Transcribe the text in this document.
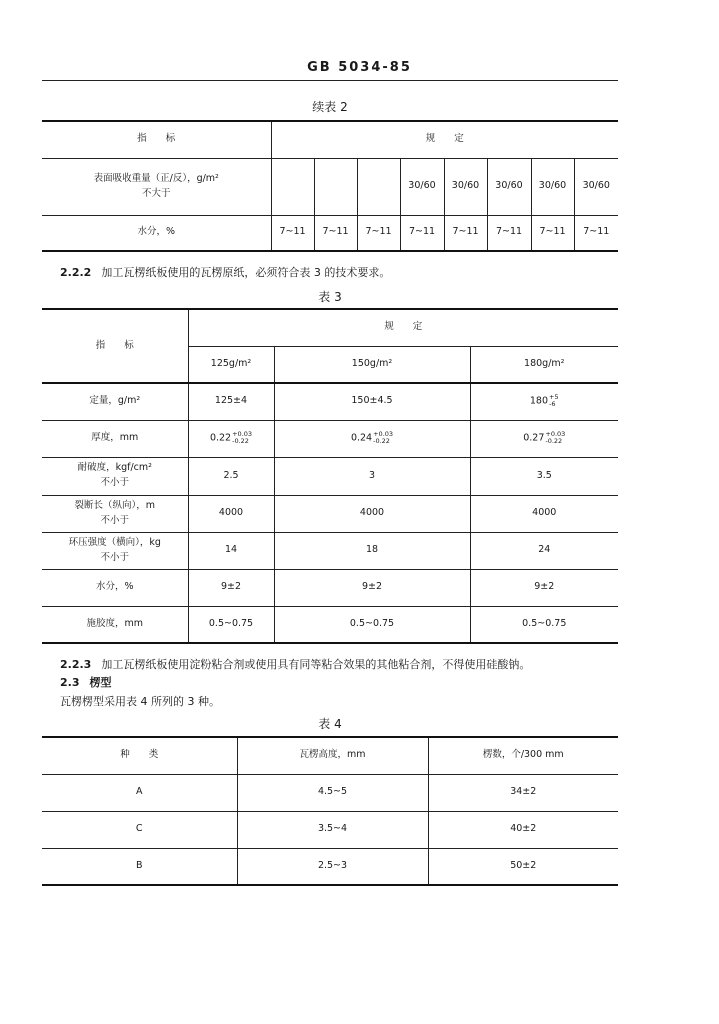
GB 5034-85
续表 2
指　　标	规　　定							

表面吸收重量（正/反），g/m²
不大于				30/60	30/60	30/60	30/60	30/60
水分，%	7~11	7~11	7~11	7~11	7~11	7~11	7~11	7~11
2.2.2 加工瓦楞纸板使用的瓦楞原纸，必须符合表 3 的技术要求。
表 3
指　　标	规　　定		
	125g/m²	150g/m²	180g/m²

定量，g/m²	125±4	150±4.5	180 +5
-6

厚度，mm	0.22 +0.03
-0.22	0.24 +0.03
-0.22	0.27 +0.03
-0.22

耐破度，kgf/cm²
不小于	2.5	3	3.5

裂断长（纵向），m
不小于	4000	4000	4000

环压强度（横向），kg
不小于	14	18	24

水分，%	9±2	9±2	9±2

施胶度，mm	0.5~0.75	0.5~0.75	0.5~0.75
2.2.3 加工瓦楞纸板使用淀粉粘合剂或使用具有同等粘合效果的其他粘合剂，不得使用硅酸钠。
2.3 楞型
瓦楞楞型采用表 4 所列的 3 种。
表 4
种　　类	瓦楞高度，mm	楞数，个/300 mm
A	4.5~5	34±2
C	3.5~4	40±2
B	2.5~3	50±2
